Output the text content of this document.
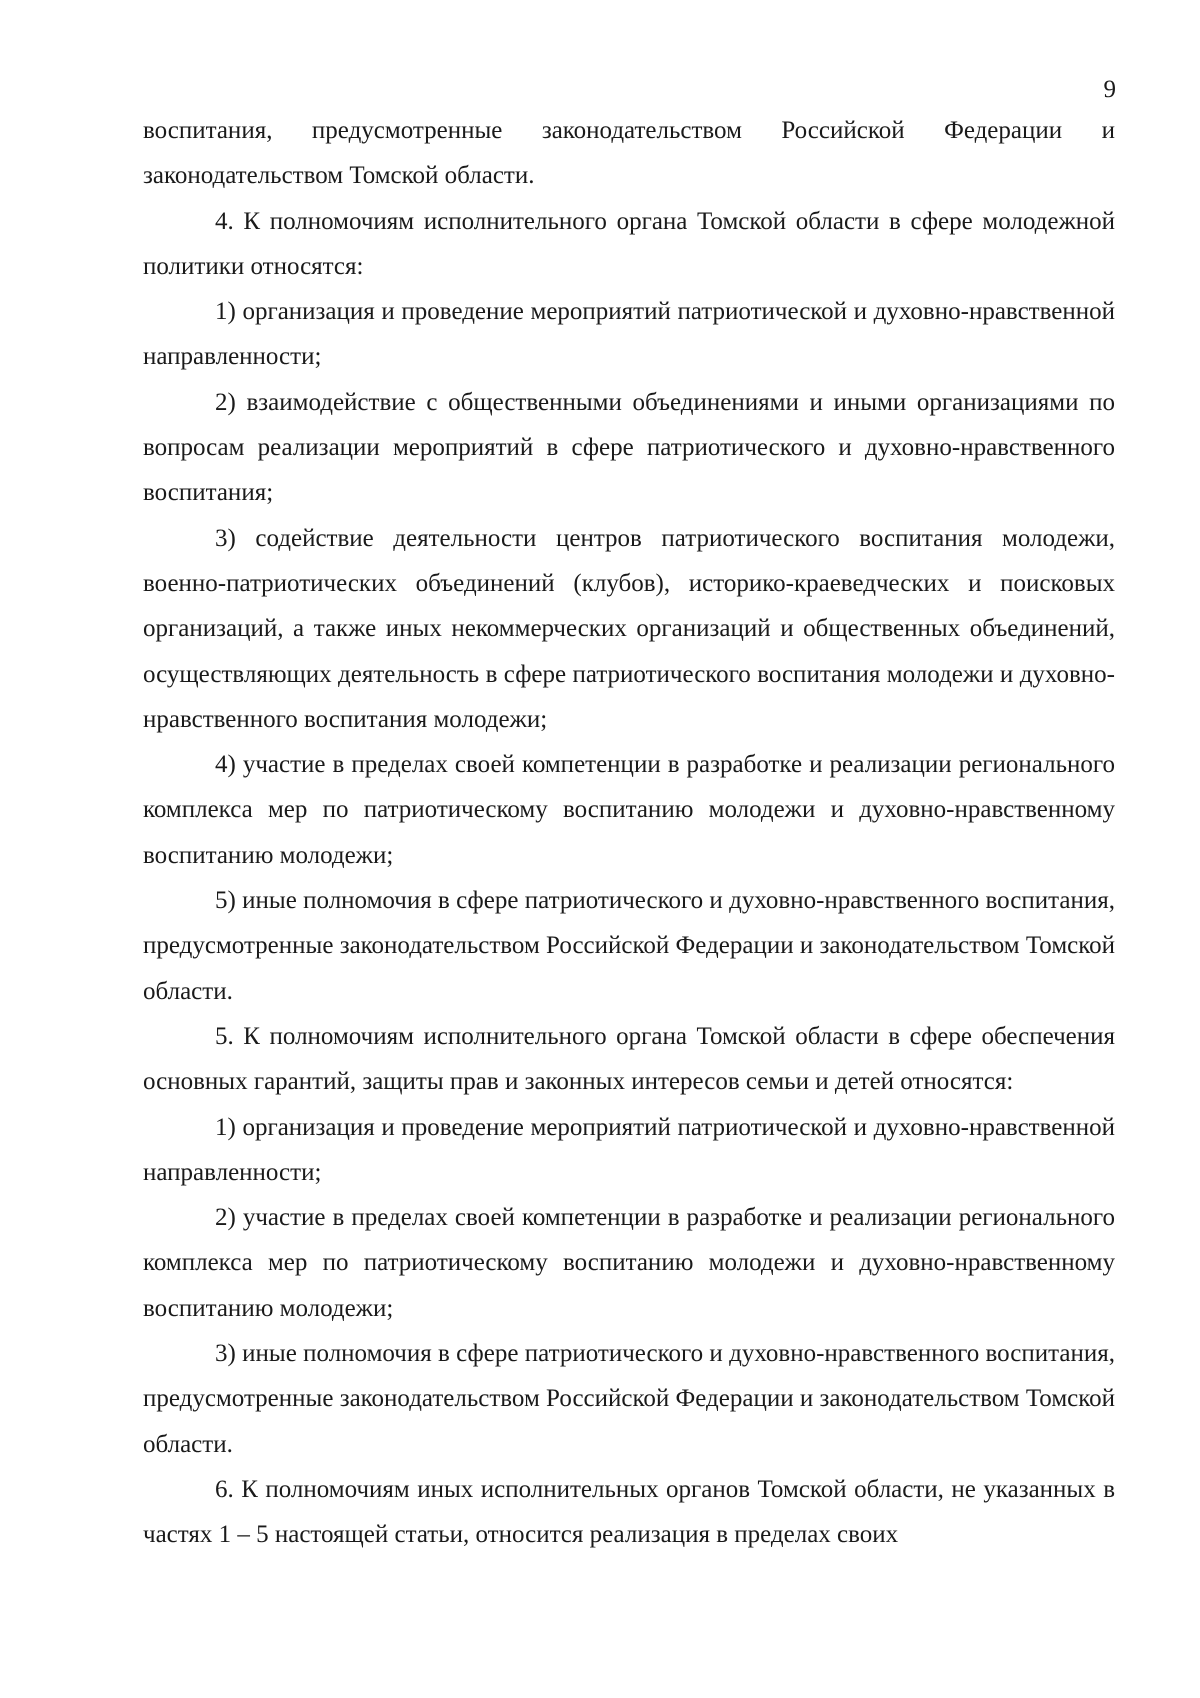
9

воспитания, предусмотренные законодательством Российской Федерации и законодательством Томской области.

4. К полномочиям исполнительного органа Томской области в сфере молодежной политики относятся:

1) организация и проведение мероприятий патриотической и духовно-нравственной направленности;

2) взаимодействие с общественными объединениями и иными организациями по вопросам реализации мероприятий в сфере патриотического и духовно-нравственного воспитания;

3) содействие деятельности центров патриотического воспитания молодежи, военно-патриотических объединений (клубов), историко-краеведческих и поисковых организаций, а также иных некоммерческих организаций и общественных объединений, осуществляющих деятельность в сфере патриотического воспитания молодежи и духовно-нравственного воспитания молодежи;

4) участие в пределах своей компетенции в разработке и реализации регионального комплекса мер по патриотическому воспитанию молодежи и духовно-нравственному воспитанию молодежи;

5) иные полномочия в сфере патриотического и духовно-нравственного воспитания, предусмотренные законодательством Российской Федерации и законодательством Томской области.

5. К полномочиям исполнительного органа Томской области в сфере обеспечения основных гарантий, защиты прав и законных интересов семьи и детей относятся:

1) организация и проведение мероприятий патриотической и духовно-нравственной направленности;

2) участие в пределах своей компетенции в разработке и реализации регионального комплекса мер по патриотическому воспитанию молодежи и духовно-нравственному воспитанию молодежи;

3) иные полномочия в сфере патриотического и духовно-нравственного воспитания, предусмотренные законодательством Российской Федерации и законодательством Томской области.

6. К полномочиям иных исполнительных органов Томской области, не указанных в частях 1 – 5 настоящей статьи, относится реализация в пределах своих
